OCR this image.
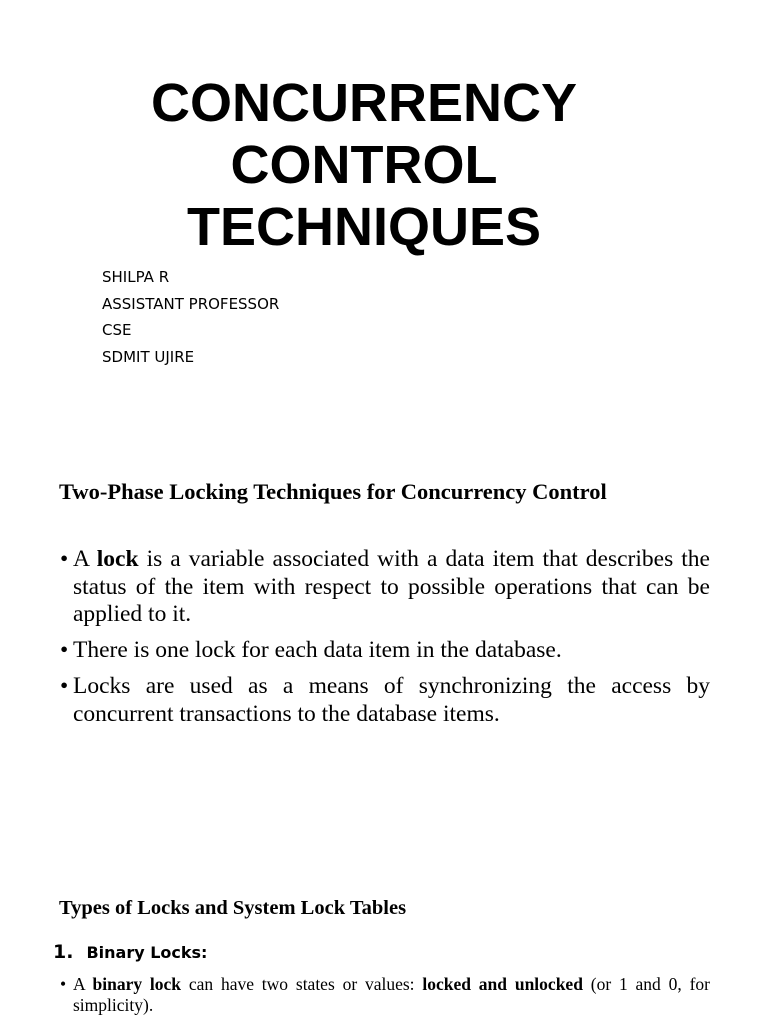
CONCURRENCY
CONTROL
TECHNIQUES
SHILPA R
ASSISTANT PROFESSOR
CSE
SDMIT UJIRE
Two-Phase Locking Techniques for Concurrency Control
• A lock is a variable associated with a data item that describes the status of the item with respect to possible operations that can be applied to it.
• There is one lock for each data item in the database.
• Locks are used as a means of synchronizing the access by concurrent transactions to the database items.
Types of Locks and System Lock Tables
1. Binary Locks:
• A binary lock can have two states or values: locked and unlocked (or 1 and 0, for simplicity).
